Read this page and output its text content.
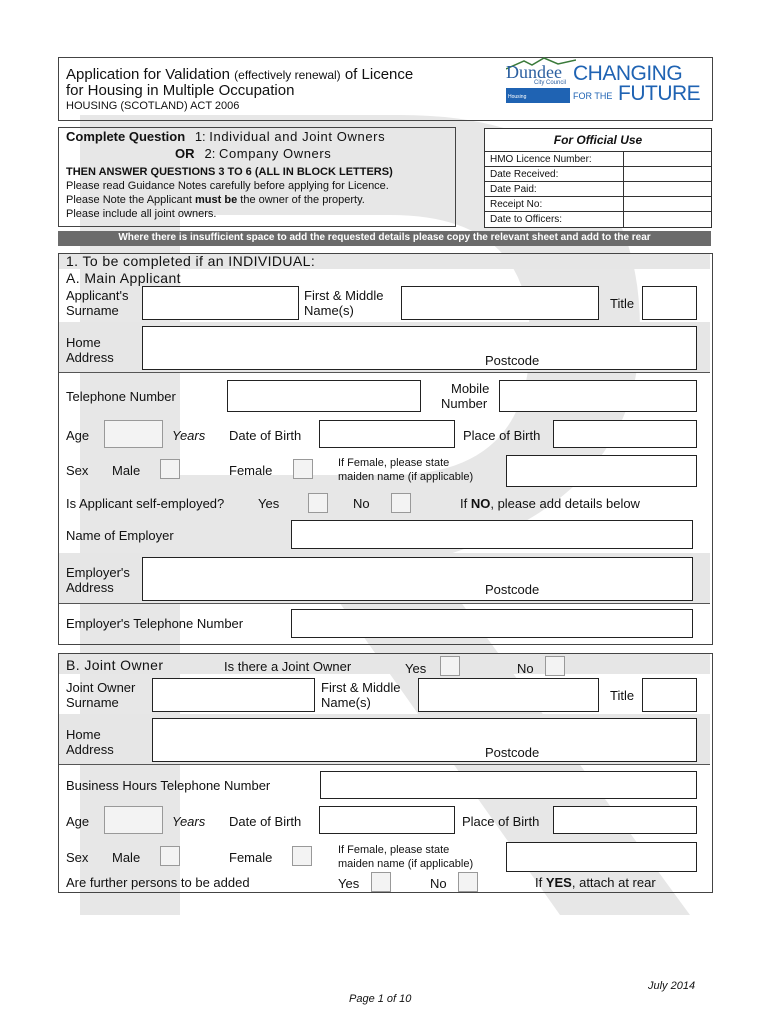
Application for Validation (effectively renewal) of Licence
for Housing in Multiple Occupation
HOUSING (SCOTLAND) ACT 2006
Dundee
City Council
Housing
CHANGING
FOR THE FUTURE
Complete Question 1: Individual and Joint Owners
OR 2: Company Owners
THEN ANSWER QUESTIONS 3 TO 6 (ALL IN BLOCK LETTERS)
Please read Guidance Notes carefully before applying for Licence.
Please Note the Applicant must be the owner of the property.
Please include all joint owners.
For Official Use
HMO Licence Number:
Date Received:
Date Paid:
Receipt No:
Date to Officers:
Where there is insufficient space to add the requested details please copy the relevant sheet and add to the rear
1. To be completed if an INDIVIDUAL:
A. Main Applicant
Applicant's
Surname
First & Middle
Name(s)	Title
Home
Address	Postcode
Telephone Number
Mobile
Number
Age	Years Date of Birth	Place of Birth
Sex Male	Female	If Female, please state
maiden name (if applicable)
Is Applicant self-employed?	Yes	No	If NO, please add details below
Name of Employer
Employer's
Address	Postcode
Employer's Telephone Number
B. Joint Owner	Is there a Joint Owner	Yes	No
Joint Owner
Surname
First & Middle
Name(s)	Title
Home
Address	Postcode
Business Hours Telephone Number
Age	Years Date of Birth	Place of Birth
Sex Male	Female	If Female, please state
maiden name (if applicable)
Are further persons to be added	Yes	No	If YES, attach at rear
July 2014
Page 1 of 10
